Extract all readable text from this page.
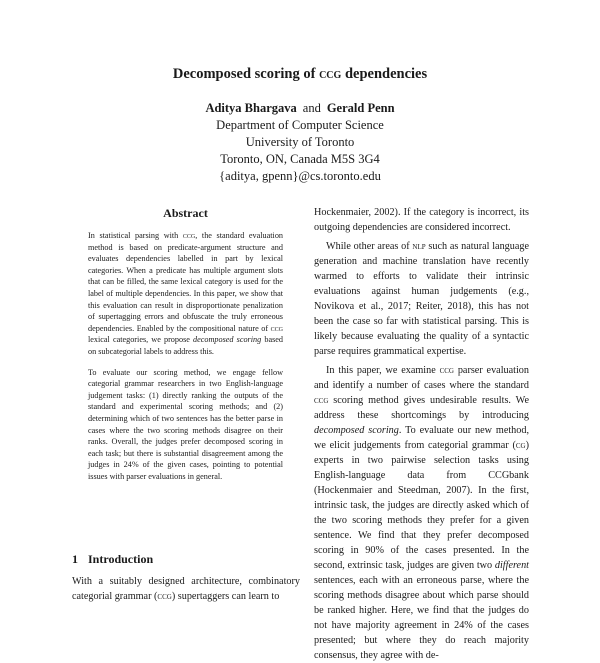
Decomposed scoring of ccg dependencies
Aditya Bhargava and Gerald Penn
Department of Computer Science
University of Toronto
Toronto, ON, Canada M5S 3G4
{aditya, gpenn}@cs.toronto.edu
Abstract

In statistical parsing with ccg, the standard evaluation method is based on predicate-argument structure and evaluates dependencies labelled in part by lexical categories. When a predicate has multiple argument slots that can be filled, the same lexical category is used for the label of multiple dependencies. In this paper, we show that this evaluation can result in disproportionate penalization of supertagging errors and obfuscate the truly erroneous dependencies. Enabled by the compositional nature of ccg lexical categories, we propose decomposed scoring based on subcategorial labels to address this.

To evaluate our scoring method, we engage fellow categorial grammar researchers in two English-language judgement tasks: (1) directly ranking the outputs of the standard and experimental scoring methods; and (2) determining which of two sentences has the better parse in cases where the two scoring methods disagree on their ranks. Overall, the judges prefer decomposed scoring in each task; but there is substantial disagreement among the judges in 24% of the given cases, pointing to potential issues with parser evaluations in general.

1 Introduction

With a suitably designed architecture, combinatory categorial grammar (ccg) supertaggers can learn to

Hockenmaier, 2002). If the category is incorrect, its outgoing dependencies are considered incorrect.

While other areas of nlp such as natural language generation and machine translation have recently warmed to efforts to validate their intrinsic evaluations against human judgements (e.g., Novikova et al., 2017; Reiter, 2018), this has not been the case so far with statistical parsing. This is likely because evaluating the quality of a syntactic parse requires grammatical expertise.

In this paper, we examine ccg parser evaluation and identify a number of cases where the standard ccg scoring method gives undesirable results. We address these shortcomings by introducing decomposed scoring. To evaluate our new method, we elicit judgements from categorial grammar (cg) experts in two pairwise selection tasks using English-language data from CCGbank (Hockenmaier and Steedman, 2007). In the first, intrinsic task, the judges are directly asked which of the two scoring methods they prefer for a given sentence. We find that they prefer decomposed scoring in 90% of the cases presented. In the second, extrinsic task, judges are given two different sentences, each with an erroneous parse, where the scoring methods disagree about which parse should be ranked higher. Here, we find that the judges do not have majority agreement in 24% of the cases presented; but where they do reach majority consensus, they agree with de-
